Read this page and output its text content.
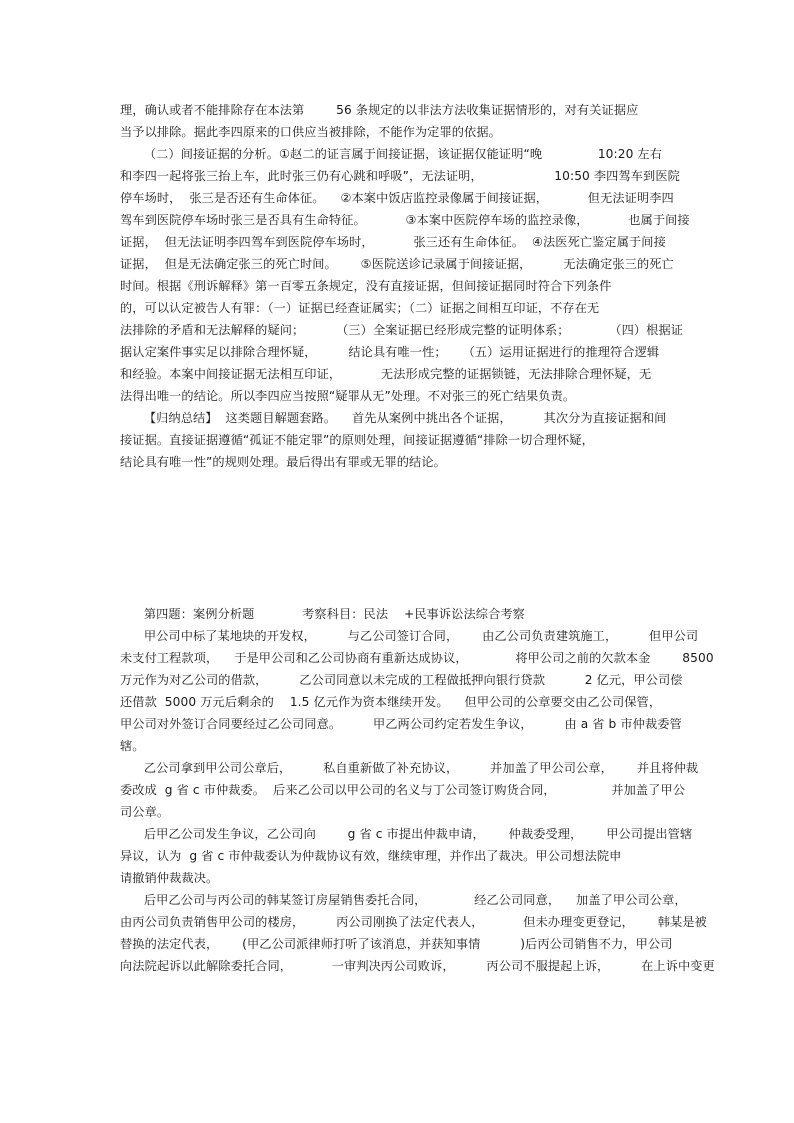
理，确认或者不能排除存在本法第        56 条规定的以非法方法收集证据情形的，对有关证据应
当予以排除。据此李四原来的口供应当被排除，不能作为定罪的依据。
（二）间接证据的分析。①赵二的证言属于间接证据，该证据仅能证明“晚              10:20 左右
和李四一起将张三抬上车，此时张三仍有心跳和呼吸”，无法证明，                  10:50 李四驾车到医院
停车场时，  张三是否还有生命体征。    ②本案中饭店监控录像属于间接证据，          但无法证明李四
驾车到医院停车场时张三是否具有生命特征。          ③本案中医院停车场的监控录像，          也属于间接
证据，  但无法证明李四驾车到医院停车场时，          张三还有生命体征。  ④法医死亡鉴定属于间接
证据，  但是无法确定张三的死亡时间。      ⑤医院送诊记录属于间接证据，        无法确定张三的死亡
时间。根据《刑诉解释》第一百零五条规定，没有直接证据，但间接证据同时符合下列条件
的，可以认定被告人有罪：（一）证据已经查证属实；（二）证据之间相互印证，不存在无
法排除的矛盾和无法解释的疑问；        （三）全案证据已经形成完整的证明体系；          （四）根据证
据认定案件事实足以排除合理怀疑，        结论具有唯一性；    （五）运用证据进行的推理符合逻辑
和经验。本案中间接证据无法相互印证，          无法形成完整的证据锁链，无法排除合理怀疑，无
法得出唯一的结论。所以李四应当按照“疑罪从无”处理。不对张三的死亡结果负责。
【归纳总结】  这类题目解题套路。    首先从案例中挑出各个证据，        其次分为直接证据和间
接证据。直接证据遵循“孤证不能定罪”的原则处理，间接证据遵循“排除一切合理怀疑，
结论具有唯一性”的规则处理。最后得出有罪或无罪的结论。
第四题：案例分析题            考察科目：民法    +民事诉讼法综合考察
甲公司中标了某地块的开发权，        与乙公司签订合同，      由乙公司负责建筑施工，        但甲公司
未支付工程款项，    于是甲公司和乙公司协商有重新达成协议，            将甲公司之前的欠款本金        8500
万元作为对乙公司的借款，        乙公司同意以未完成的工程做抵押向银行贷款          2 亿元，甲公司偿
还借款  5000 万元后剩余的    1.5 亿元作为资本继续开发。    但甲公司的公章要交由乙公司保管，
甲公司对外签订合同要经过乙公司同意。        甲乙两公司约定若发生争议，        由 a 省 b 市仲裁委管
辖。
乙公司拿到甲公司公章后，        私自重新做了补充协议，        并加盖了甲公司公章，      并且将仲裁
委改成  g 省 c 市仲裁委。  后来乙公司以甲公司的名义与丁公司签订购货合同，              并加盖了甲公
司公章。
后甲乙公司发生争议，乙公司向        g 省 c 市提出仲裁申请，      仲裁委受理，      甲公司提出管辖
异议，认为  g 省 c 市仲裁委认为仲裁协议有效，继续审理，并作出了裁决。甲公司想法院申
请撤销仲裁裁决。
后甲乙公司与丙公司的韩某签订房屋销售委托合同，            经乙公司同意，    加盖了甲公司公章，
由丙公司负责销售甲公司的楼房，        丙公司刚换了法定代表人，          但未办理变更登记，      韩某是被
替换的法定代表，      (甲乙公司派律师打听了该消息，并获知事情          )后丙公司销售不力，甲公司
向法院起诉以此解除委托合同，          一审判决丙公司败诉，        丙公司不服提起上诉，        在上诉中变更
